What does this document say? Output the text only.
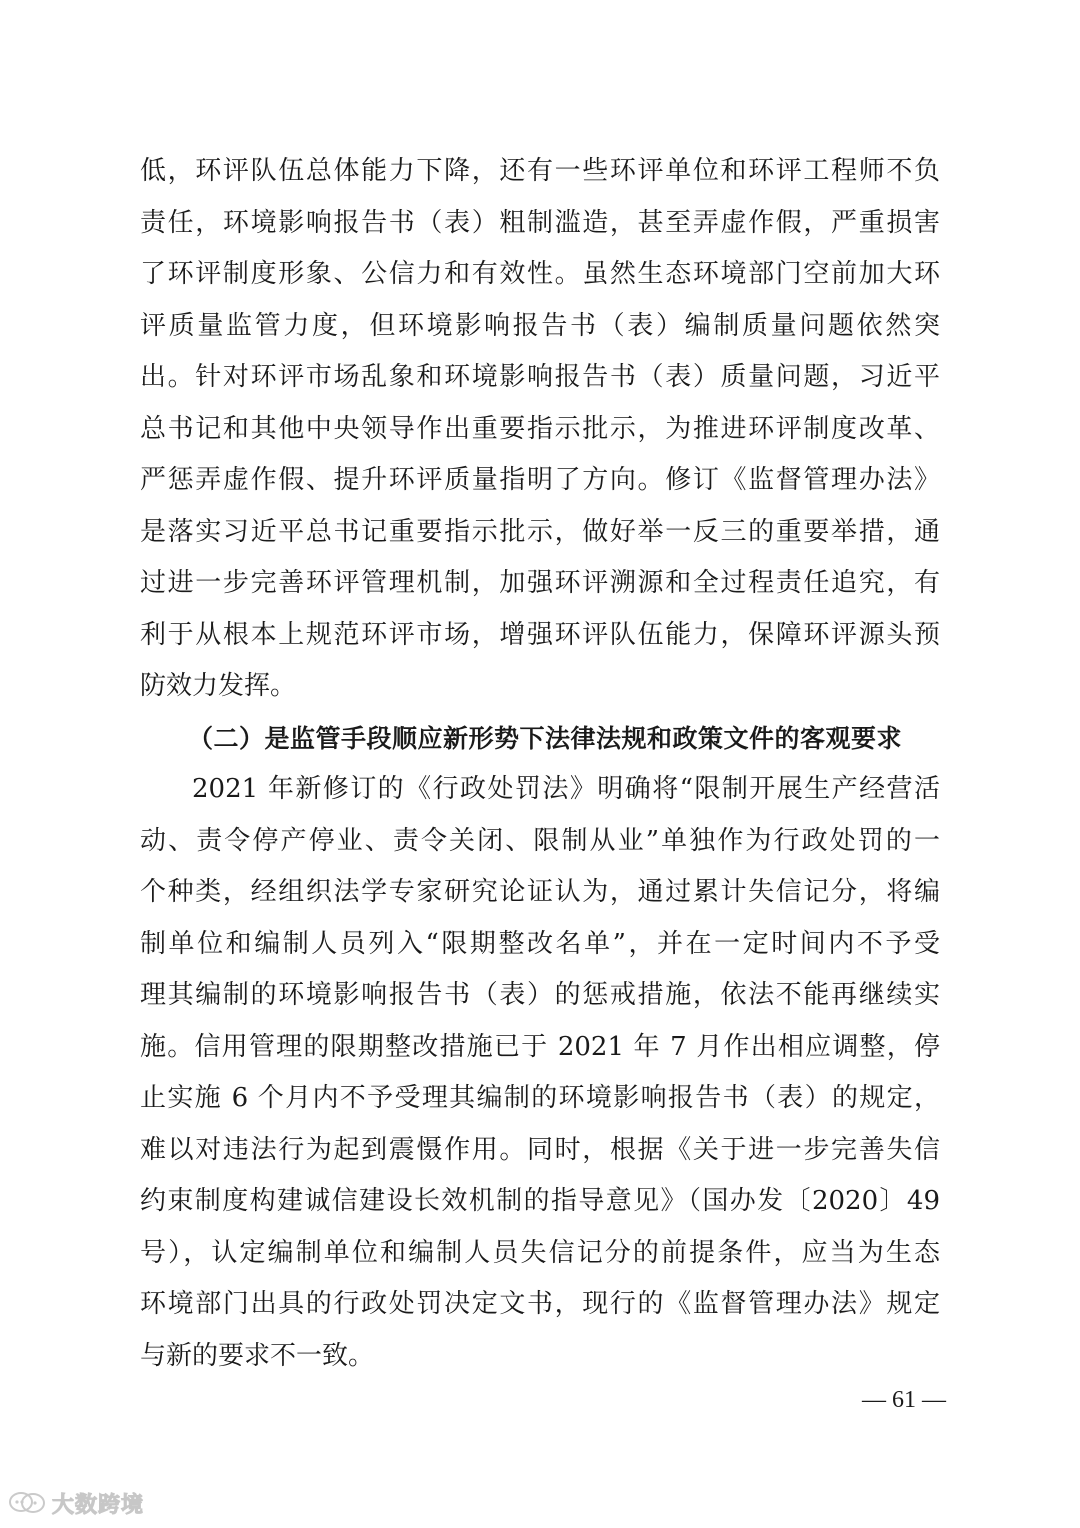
低，环评队伍总体能力下降，还有一些环评单位和环评工程师不负
责任，环境影响报告书（表）粗制滥造，甚至弄虚作假，严重损害
了环评制度形象、公信力和有效性。虽然生态环境部门空前加大环
评质量监管力度，但环境影响报告书（表）编制质量问题依然突
出。针对环评市场乱象和环境影响报告书（表）质量问题，习近平
总书记和其他中央领导作出重要指示批示，为推进环评制度改革、
严惩弄虚作假、提升环评质量指明了方向。修订《监督管理办法》
是落实习近平总书记重要指示批示，做好举一反三的重要举措，通
过进一步完善环评管理机制，加强环评溯源和全过程责任追究，有
利于从根本上规范环评市场，增强环评队伍能力，保障环评源头预
防效力发挥。
（二）是监管手段顺应新形势下法律法规和政策文件的客观要求
2021 年新修订的《行政处罚法》明确将“限制开展生产经营活
动、责令停产停业、责令关闭、限制从业”单独作为行政处罚的一
个种类，经组织法学专家研究论证认为，通过累计失信记分，将编
制单位和编制人员列入“限期整改名单”，并在一定时间内不予受
理其编制的环境影响报告书（表）的惩戒措施，依法不能再继续实
施。信用管理的限期整改措施已于 2021 年 7 月作出相应调整，停
止实施 6 个月内不予受理其编制的环境影响报告书（表）的规定，
难以对违法行为起到震慑作用。同时，根据《关于进一步完善失信
约束制度构建诚信建设长效机制的指导意见》（国办发〔2020〕49
号），认定编制单位和编制人员失信记分的前提条件，应当为生态
环境部门出具的行政处罚决定文书，现行的《监督管理办法》规定
与新的要求不一致。
— 61 —
大数跨境
